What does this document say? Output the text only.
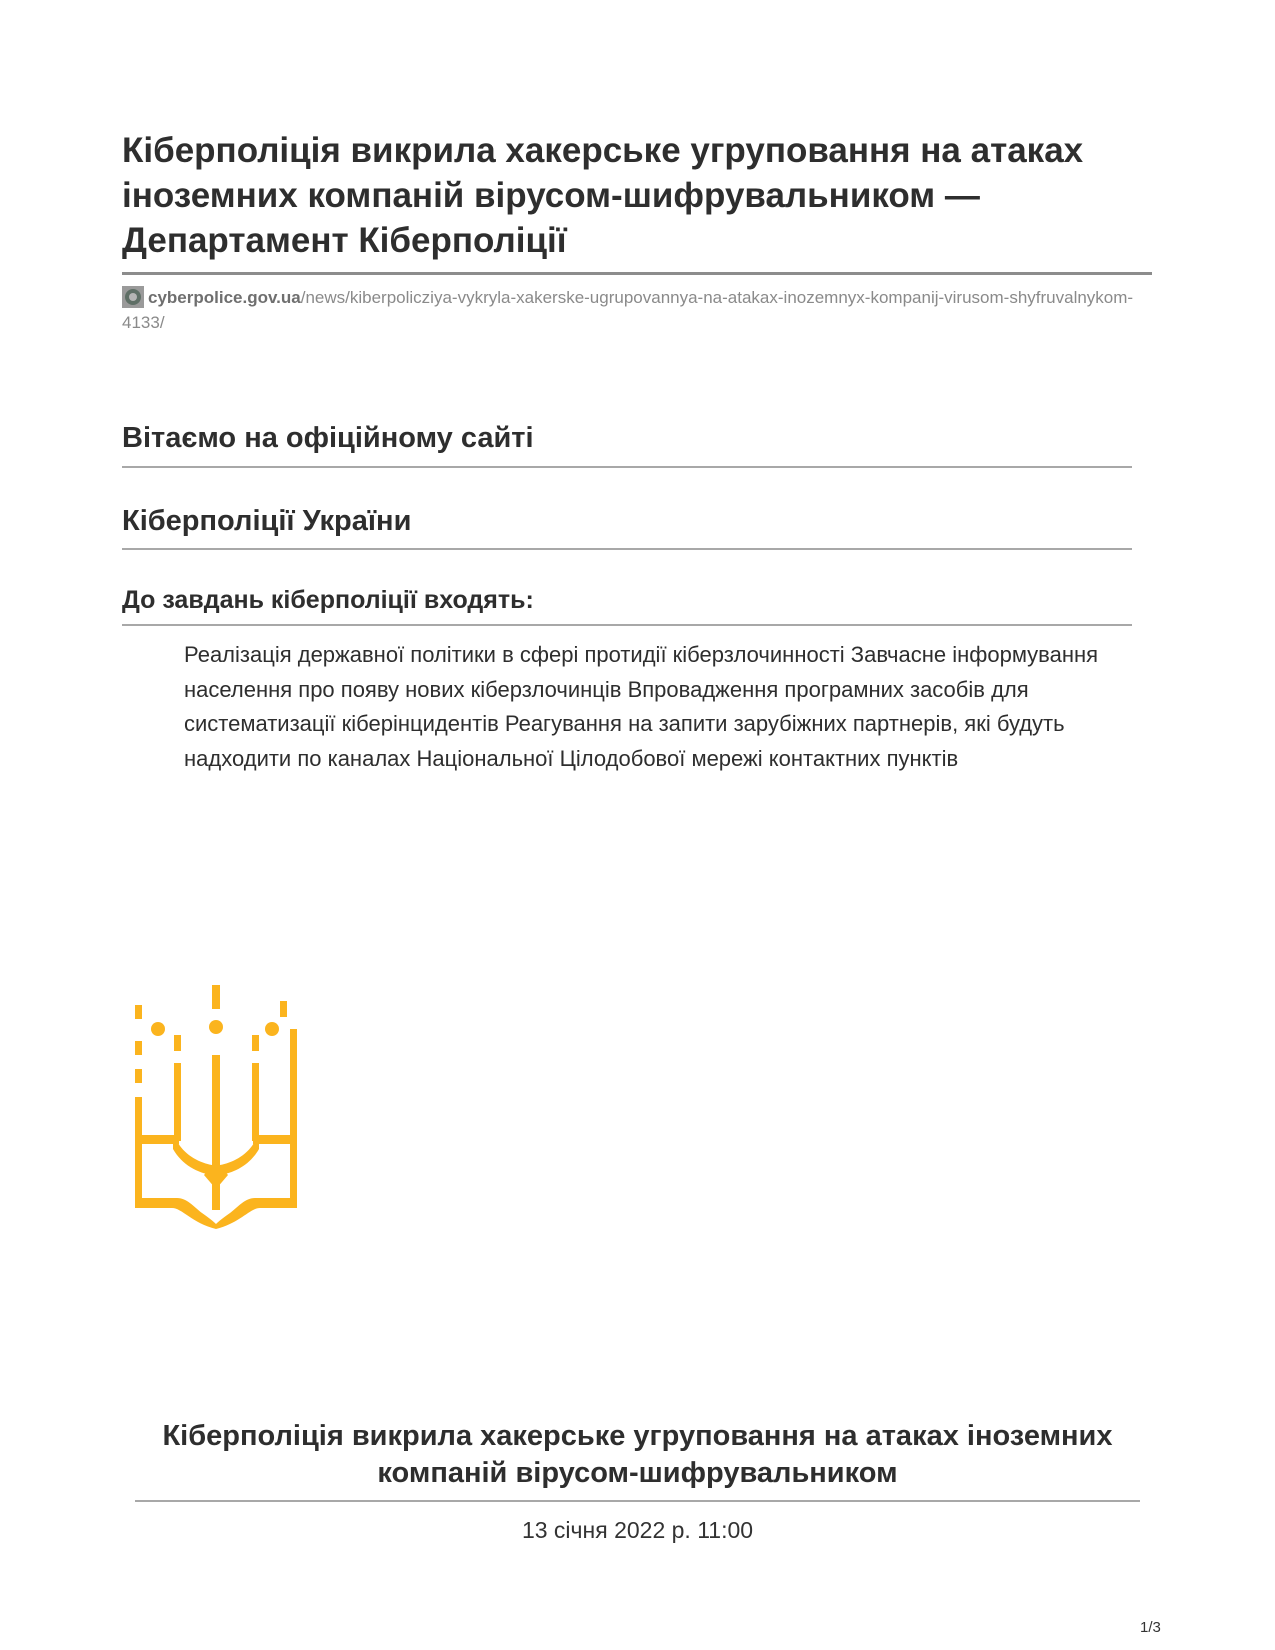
Кіберполіція викрила хакерське угруповання на атаках іноземних компаній вірусом-шифрувальником — Департамент Кіберполіції
cyberpolice.gov.ua/news/kiberpoliczіya-vykryla-xakerske-ugrupovannya-na-atakax-inozemnyx-kompanij-virusom-shyfruvalnykom-4133/
Вітаємо на офіційному сайті
Кіберполіції України
До завдань кіберполіції входять:

Реалізація державної політики в сфері протидії кіберзлочинності Завчасне інформування населення про появу нових кіберзлочинців Впровадження програмних засобів для систематизації кіберінцидентів Реагування на запити зарубіжних партнерів, які будуть надходити по каналах Національної Цілодобової мережі контактних пунктів

Кіберполіція викрила хакерське угруповання на атаках іноземних компаній вірусом-шифрувальником
13 січня 2022 р. 11:00
1/3
